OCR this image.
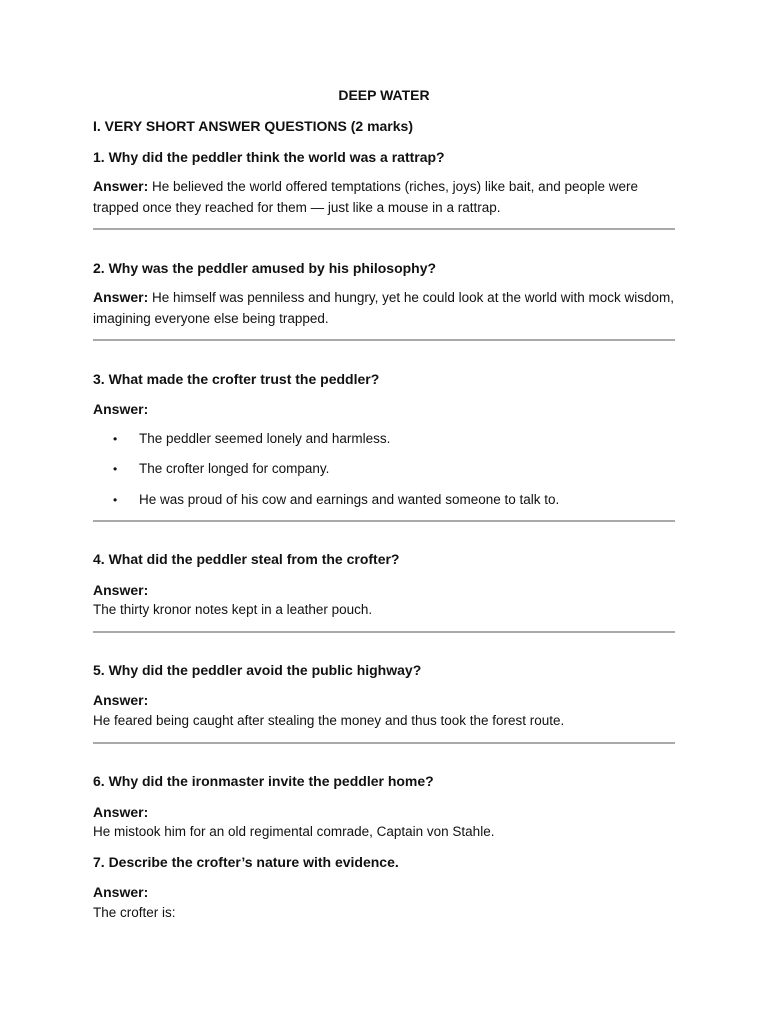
DEEP WATER
I. VERY SHORT ANSWER QUESTIONS (2 marks)
1. Why did the peddler think the world was a rattrap?
Answer: He believed the world offered temptations (riches, joys) like bait, and people were trapped once they reached for them — just like a mouse in a rattrap.
2. Why was the peddler amused by his philosophy?
Answer: He himself was penniless and hungry, yet he could look at the world with mock wisdom, imagining everyone else being trapped.
3. What made the crofter trust the peddler?
Answer:
• The peddler seemed lonely and harmless.
• The crofter longed for company.
• He was proud of his cow and earnings and wanted someone to talk to.
4. What did the peddler steal from the crofter?
Answer:
The thirty kronor notes kept in a leather pouch.
5. Why did the peddler avoid the public highway?
Answer:
He feared being caught after stealing the money and thus took the forest route.
6. Why did the ironmaster invite the peddler home?
Answer:
He mistook him for an old regimental comrade, Captain von Stahle.
7. Describe the crofter’s nature with evidence.
Answer:
The crofter is:
